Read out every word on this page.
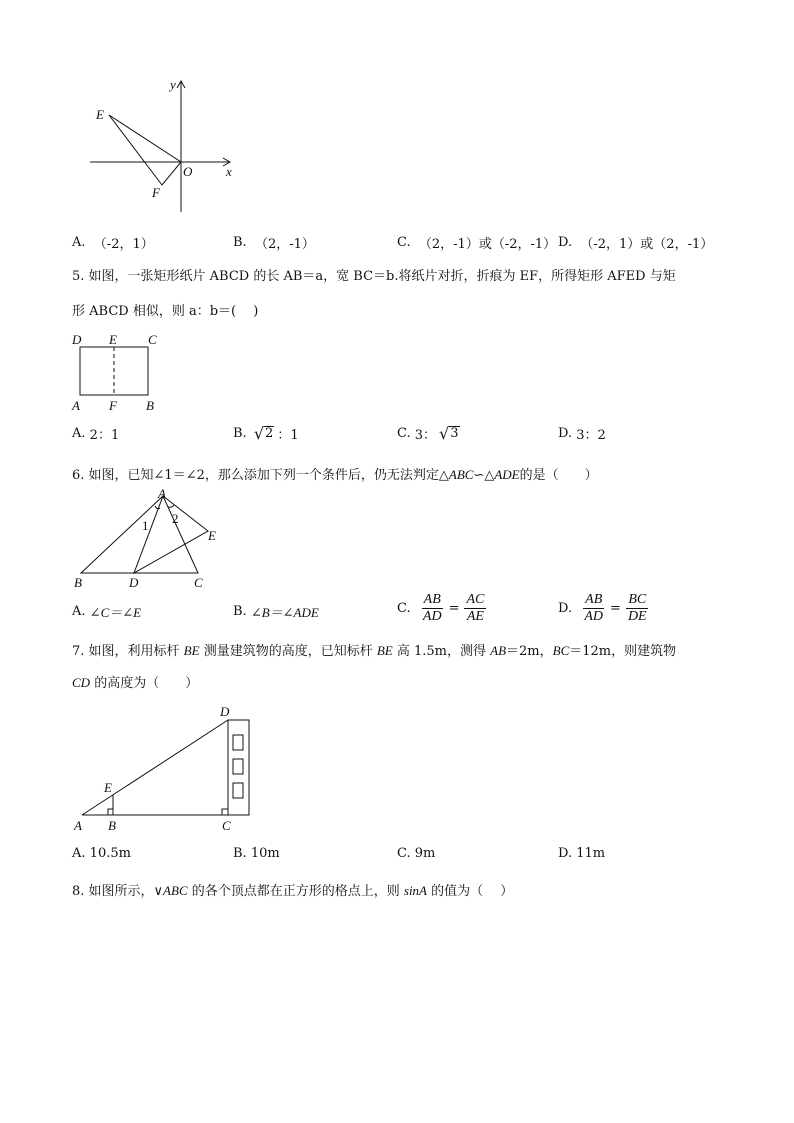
y
E
O	x
F
A.
（-2，1）	B.
（2，-1）	C.
（2，-1）或（-2，-1） D.
（-2，1）或（2，-1）
5. 如图，一张矩形纸片 ABCD 的长 AB＝a，宽 BC＝b.将纸片对折，折痕为 EF，所得矩形 AFED 与矩
形 ABCD 相似，则 a：b＝(　 )
D E C
A F B
A.
2：1	B.
√ 2 ：1	C.
3： √ 3	D.
3：2
6. 如图，已知∠1＝∠2，那么添加下列一个条件后，仍无法判定△ABC∽△ADE的是（　　）
A
1 2
E
B	D	C
A.
∠C＝∠E	B.
∠B＝∠ADE	C.
$\frac{AB}{AD} = \frac{AC}{AE}$	D.
$\frac{AB}{AD} = \frac{BC}{DE}$
7. 如图，利用标杆 BE 测量建筑物的高度，已知标杆 BE 高 1.5m，测得 AB＝2m，BC＝12m，则建筑物
CD 的高度为（　　）
D
E
A B	C
A.
10.5m	B.
10m	C.
9m	D.
11m
8. 如图所示，∨ABC 的各个顶点都在正方形的格点上，则 sinA 的值为（　 ）
